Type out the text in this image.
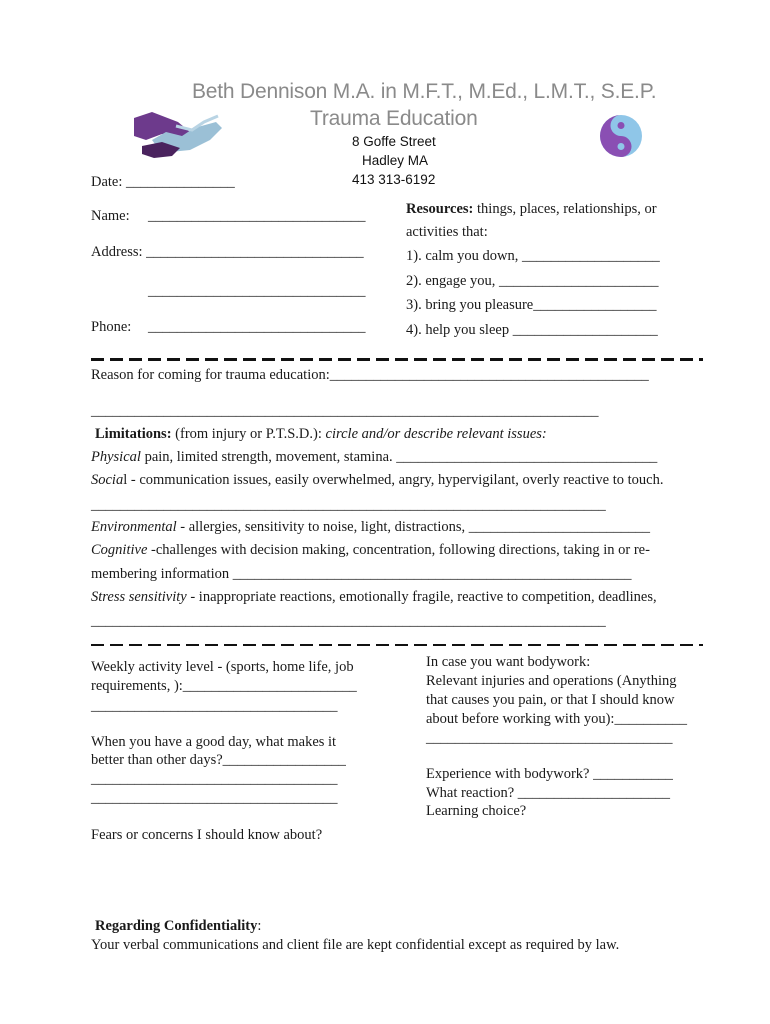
Beth Dennison M.A. in M.F.T., M.Ed., L.M.T., S.E.P.
Trauma Education
8 Goffe Street
Hadley MA
413 313-6192
Date: _______________
Name: ______________________________
Address: ______________________________
______________________________
Phone: ______________________________
Resources: things, places, relationships, or
activities that:
1). calm you down, ___________________
2). engage you, ______________________
3). bring you pleasure_________________
4). help you sleep ____________________
Reason for coming for trauma education:____________________________________________
______________________________________________________________________
Limitations: (from injury or P.T.S.D.): circle and/or describe relevant issues:
Physical pain, limited strength, movement, stamina. ____________________________________
Social - communication issues, easily overwhelmed, angry, hypervigilant, overly reactive to touch.
_______________________________________________________________________
Environmental - allergies, sensitivity to noise, light, distractions, _________________________
Cognitive -challenges with decision making, concentration, following directions, taking in or re-
membering information _______________________________________________________
Stress sensitivity - inappropriate reactions, emotionally fragile, reactive to competition, deadlines,
_______________________________________________________________________
Weekly activity level - (sports, home life, job
requirements, ):________________________
__________________________________
When you have a good day, what makes it
better than other days?_________________
__________________________________
__________________________________
Fears or concerns I should know about?
In case you want bodywork:
Relevant injuries and operations (Anything
that causes you pain, or that I should know
about before working with you):__________
__________________________________
Experience with bodywork? ___________
What reaction? _____________________
Learning choice?
Regarding Confidentiality:
Your verbal communications and client file are kept confidential except as required by law.
